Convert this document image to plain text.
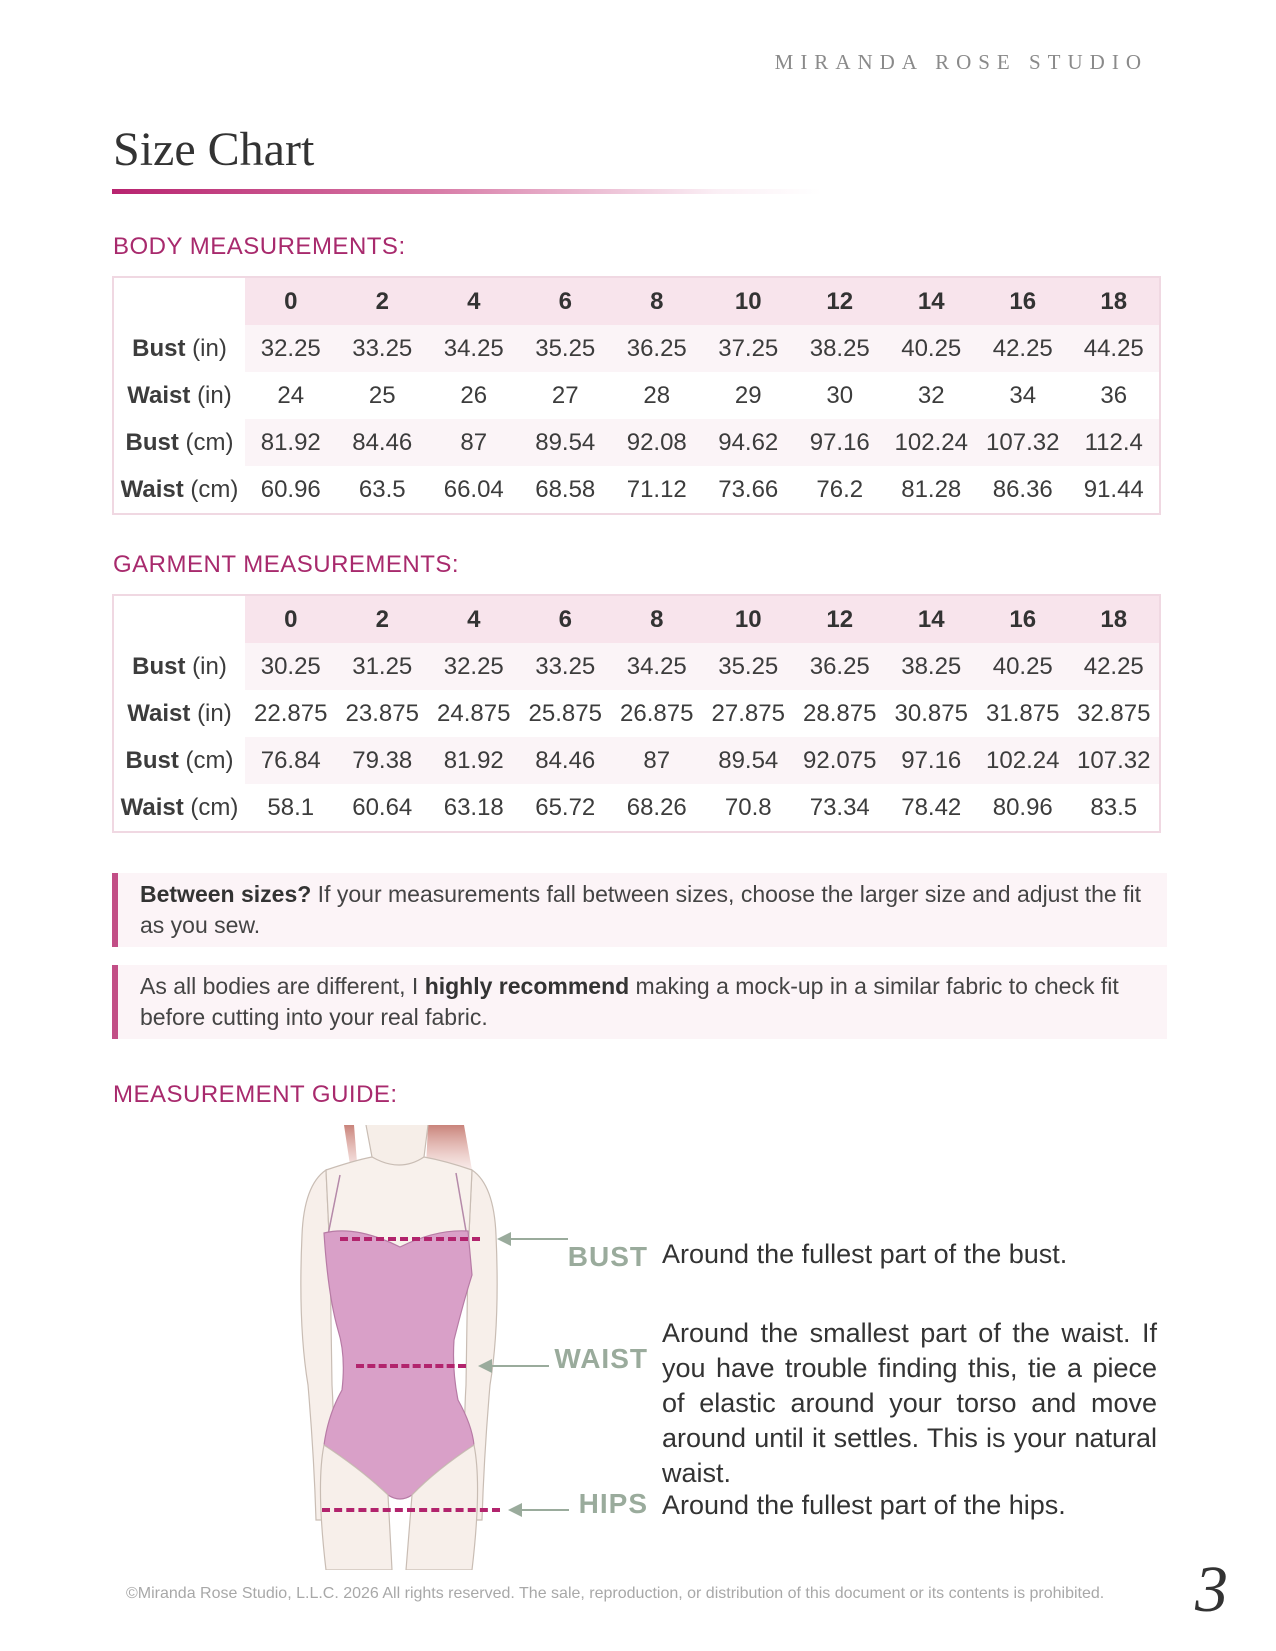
MIRANDA ROSE STUDIO
Size Chart
BODY MEASUREMENTS:
	0	2	4	6	8	10	12	14	16	18
Bust (in)	32.25	33.25	34.25	35.25	36.25	37.25	38.25	40.25	42.25	44.25
Waist (in)	24	25	26	27	28	29	30	32	34	36
Bust (cm)	81.92	84.46	87	89.54	92.08	94.62	97.16	102.24	107.32	112.4
Waist (cm)	60.96	63.5	66.04	68.58	71.12	73.66	76.2	81.28	86.36	91.44
GARMENT MEASUREMENTS:
	0	2	4	6	8	10	12	14	16	18
Bust (in)	30.25	31.25	32.25	33.25	34.25	35.25	36.25	38.25	40.25	42.25
Waist (in)	22.875	23.875	24.875	25.875	26.875	27.875	28.875	30.875	31.875	32.875
Bust (cm)	76.84	79.38	81.92	84.46	87	89.54	92.075	97.16	102.24	107.32
Waist (cm)	58.1	60.64	63.18	65.72	68.26	70.8	73.34	78.42	80.96	83.5
Between sizes? If your measurements fall between sizes, choose the larger size and adjust the fit as you sew.
As all bodies are different, I highly recommend making a mock-up in a similar fabric to check fit before cutting into your real fabric.
MEASUREMENT GUIDE:
BUST
WAIST
HIPS
Around the fullest part of the bust.
Around the smallest part of the waist. If you have trouble finding this, tie a piece of elastic around your torso and move around until it settles. This is your natural waist.
Around the fullest part of the hips.
©Miranda Rose Studio, L.L.C. 2026 All rights reserved. The sale, reproduction, or distribution of this document or its contents is prohibited. 3
